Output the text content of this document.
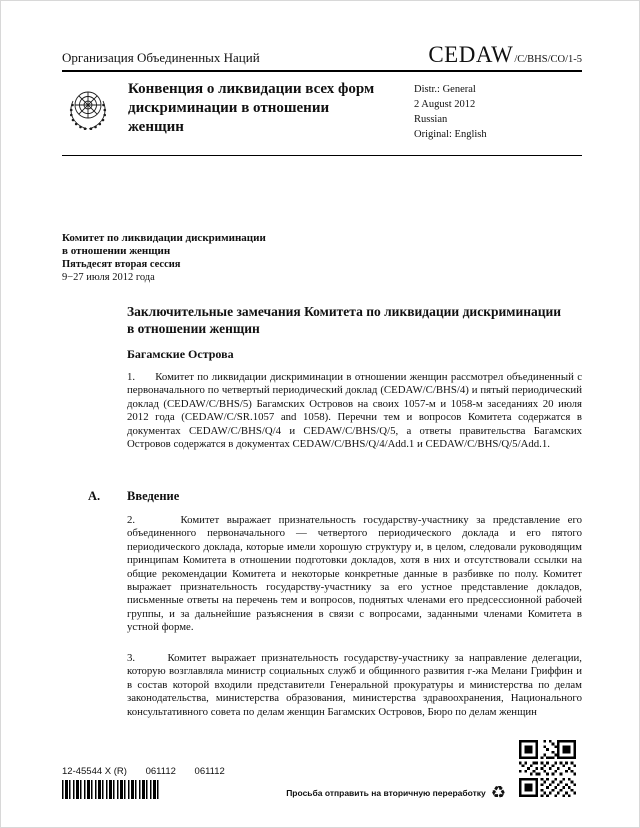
Организация Объединенных Наций	CEDAW /C/BHS/CO/1-5
Конвенция о ликвидации всех форм дискриминации в отношении женщин
Distr.: General
2 August 2012
Russian
Original: English
Комитет по ликвидации дискриминации
в отношении женщин
Пятьдесят вторая сессия
9−27 июля 2012 года
Заключительные замечания Комитета по ликвидации дискриминации в отношении женщин
Багамские Острова
1.      Комитет по ликвидации дискриминации в отношении женщин рассмотрел объединенный с первоначального по четвертый периодический доклад (CEDAW/C/BHS/4) и пятый периодический доклад (CEDAW/C/BHS/5) Багамских Островов на своих 1057-м и 1058-м заседаниях 20 июля 2012 года (CEDAW/C/SR.1057 and 1058). Перечни тем и вопросов Комитета содержатся в документах CEDAW/C/BHS/Q/4 и CEDAW/C/BHS/Q/5, а ответы правительства Багамских Островов содержатся в документах CEDAW/C/BHS/Q/4/Add.1 и CEDAW/C/BHS/Q/5/Add.1.
A. Введение
2.      Комитет выражает признательность государству-участнику за представление его объединенного первоначального — четвертого периодического доклада и его пятого периодического доклада, которые имели хорошую структуру и, в целом, следовали руководящим принципам Комитета в отношении подготовки докладов, хотя в них и отсутствовали ссылки на общие рекомендации Комитета и некоторые конкретные данные в разбивке по полу. Комитет выражает признательность государству-участнику за его устное представление докладов, письменные ответы на перечень тем и вопросов, поднятых членами его предсессионной рабочей группы, и за дальнейшие разъяснения в связи с вопросами, заданными членами Комитета в устной форме.
3.      Комитет выражает признательность государству-участнику за направление делегации, которую возглавляла министр социальных служб и общинного развития г-жа Мелани Гриффин и в состав которой входили представители Генеральной прокуратуры и министерства по делам законодательства, министерства образования, министерства здравоохранения, Национального консультативного совета по делам женщин Багамских Островов, Бюро по делам женщин
12-45544 X (R) 061112 061112
Просьба отправить на вторичную переработку ♻
